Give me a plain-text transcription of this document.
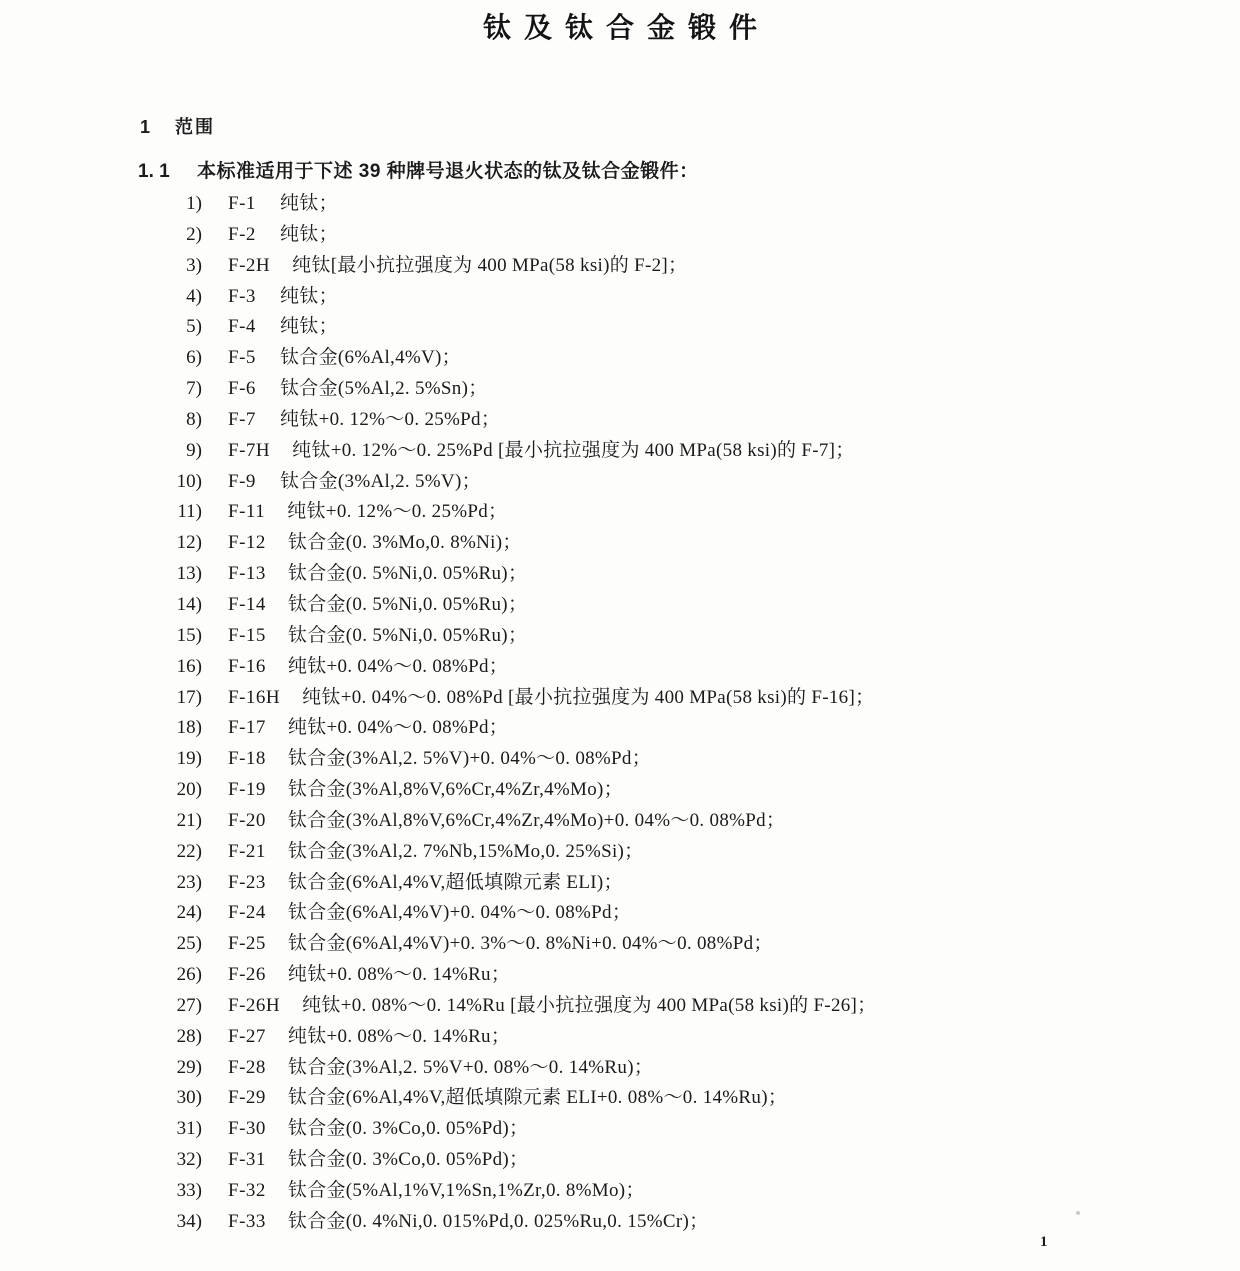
钛及钛合金锻件
1 范围
1. 1 本标准适用于下述 39 种牌号退火状态的钛及钛合金锻件：
1) F-1 纯钛；
2) F-2 纯钛；
3) F-2H 纯钛[最小抗拉强度为 400 MPa(58 ksi)的 F-2]；
4) F-3 纯钛；
5) F-4 纯钛；
6) F-5 钛合金(6%Al,4%V)；
7) F-6 钛合金(5%Al,2. 5%Sn)；
8) F-7 纯钛+0. 12%～0. 25%Pd；
9) F-7H 纯钛+0. 12%～0. 25%Pd [最小抗拉强度为 400 MPa(58 ksi)的 F-7]；
10) F-9 钛合金(3%Al,2. 5%V)；
11) F-11 纯钛+0. 12%～0. 25%Pd；
12) F-12 钛合金(0. 3%Mo,0. 8%Ni)；
13) F-13 钛合金(0. 5%Ni,0. 05%Ru)；
14) F-14 钛合金(0. 5%Ni,0. 05%Ru)；
15) F-15 钛合金(0. 5%Ni,0. 05%Ru)；
16) F-16 纯钛+0. 04%～0. 08%Pd；
17) F-16H 纯钛+0. 04%～0. 08%Pd [最小抗拉强度为 400 MPa(58 ksi)的 F-16]；
18) F-17 纯钛+0. 04%～0. 08%Pd；
19) F-18 钛合金(3%Al,2. 5%V)+0. 04%～0. 08%Pd；
20) F-19 钛合金(3%Al,8%V,6%Cr,4%Zr,4%Mo)；
21) F-20 钛合金(3%Al,8%V,6%Cr,4%Zr,4%Mo)+0. 04%～0. 08%Pd；
22) F-21 钛合金(3%Al,2. 7%Nb,15%Mo,0. 25%Si)；
23) F-23 钛合金(6%Al,4%V,超低填隙元素 ELI)；
24) F-24 钛合金(6%Al,4%V)+0. 04%～0. 08%Pd；
25) F-25 钛合金(6%Al,4%V)+0. 3%～0. 8%Ni+0. 04%～0. 08%Pd；
26) F-26 纯钛+0. 08%～0. 14%Ru；
27) F-26H 纯钛+0. 08%～0. 14%Ru [最小抗拉强度为 400 MPa(58 ksi)的 F-26]；
28) F-27 纯钛+0. 08%～0. 14%Ru；
29) F-28 钛合金(3%Al,2. 5%V+0. 08%～0. 14%Ru)；
30) F-29 钛合金(6%Al,4%V,超低填隙元素 ELI+0. 08%～0. 14%Ru)；
31) F-30 钛合金(0. 3%Co,0. 05%Pd)；
32) F-31 钛合金(0. 3%Co,0. 05%Pd)；
33) F-32 钛合金(5%Al,1%V,1%Sn,1%Zr,0. 8%Mo)；
34) F-33 钛合金(0. 4%Ni,0. 015%Pd,0. 025%Ru,0. 15%Cr)；
1
